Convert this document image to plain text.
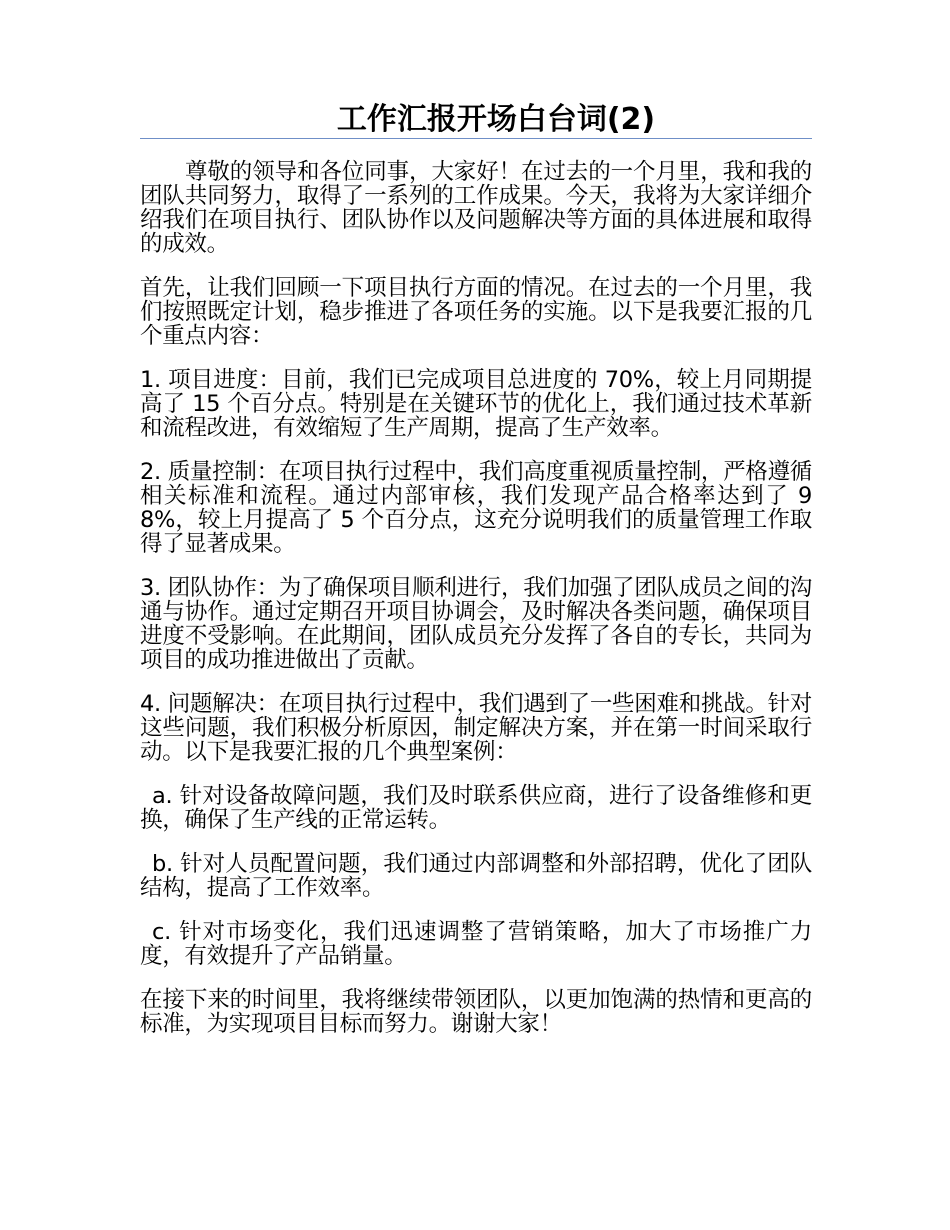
工作汇报开场白台词(2)

尊敬的领导和各位同事，大家好！在过去的一个月里，我和我的团队共同努力，取得了一系列的工作成果。今天，我将为大家详细介绍我们在项目执行、团队协作以及问题解决等方面的具体进展和取得的成效。

首先，让我们回顾一下项目执行方面的情况。在过去的一个月里，我们按照既定计划，稳步推进了各项任务的实施。以下是我要汇报的几个重点内容：

1. 项目进度：目前，我们已完成项目总进度的 70%，较上月同期提高了 15 个百分点。特别是在关键环节的优化上，我们通过技术革新和流程改进，有效缩短了生产周期，提高了生产效率。

2. 质量控制：在项目执行过程中，我们高度重视质量控制，严格遵循相关标准和流程。通过内部审核，我们发现产品合格率达到了 98%，较上月提高了 5 个百分点，这充分说明我们的质量管理工作取得了显著成果。

3. 团队协作：为了确保项目顺利进行，我们加强了团队成员之间的沟通与协作。通过定期召开项目协调会，及时解决各类问题，确保项目进度不受影响。在此期间，团队成员充分发挥了各自的专长，共同为项目的成功推进做出了贡献。

4. 问题解决：在项目执行过程中，我们遇到了一些困难和挑战。针对这些问题，我们积极分析原因，制定解决方案，并在第一时间采取行动。以下是我要汇报的几个典型案例：

a. 针对设备故障问题，我们及时联系供应商，进行了设备维修和更换，确保了生产线的正常运转。

b. 针对人员配置问题，我们通过内部调整和外部招聘，优化了团队结构，提高了工作效率。

c. 针对市场变化，我们迅速调整了营销策略，加大了市场推广力度，有效提升了产品销量。

在接下来的时间里，我将继续带领团队，以更加饱满的热情和更高的标准，为实现项目目标而努力。谢谢大家！
